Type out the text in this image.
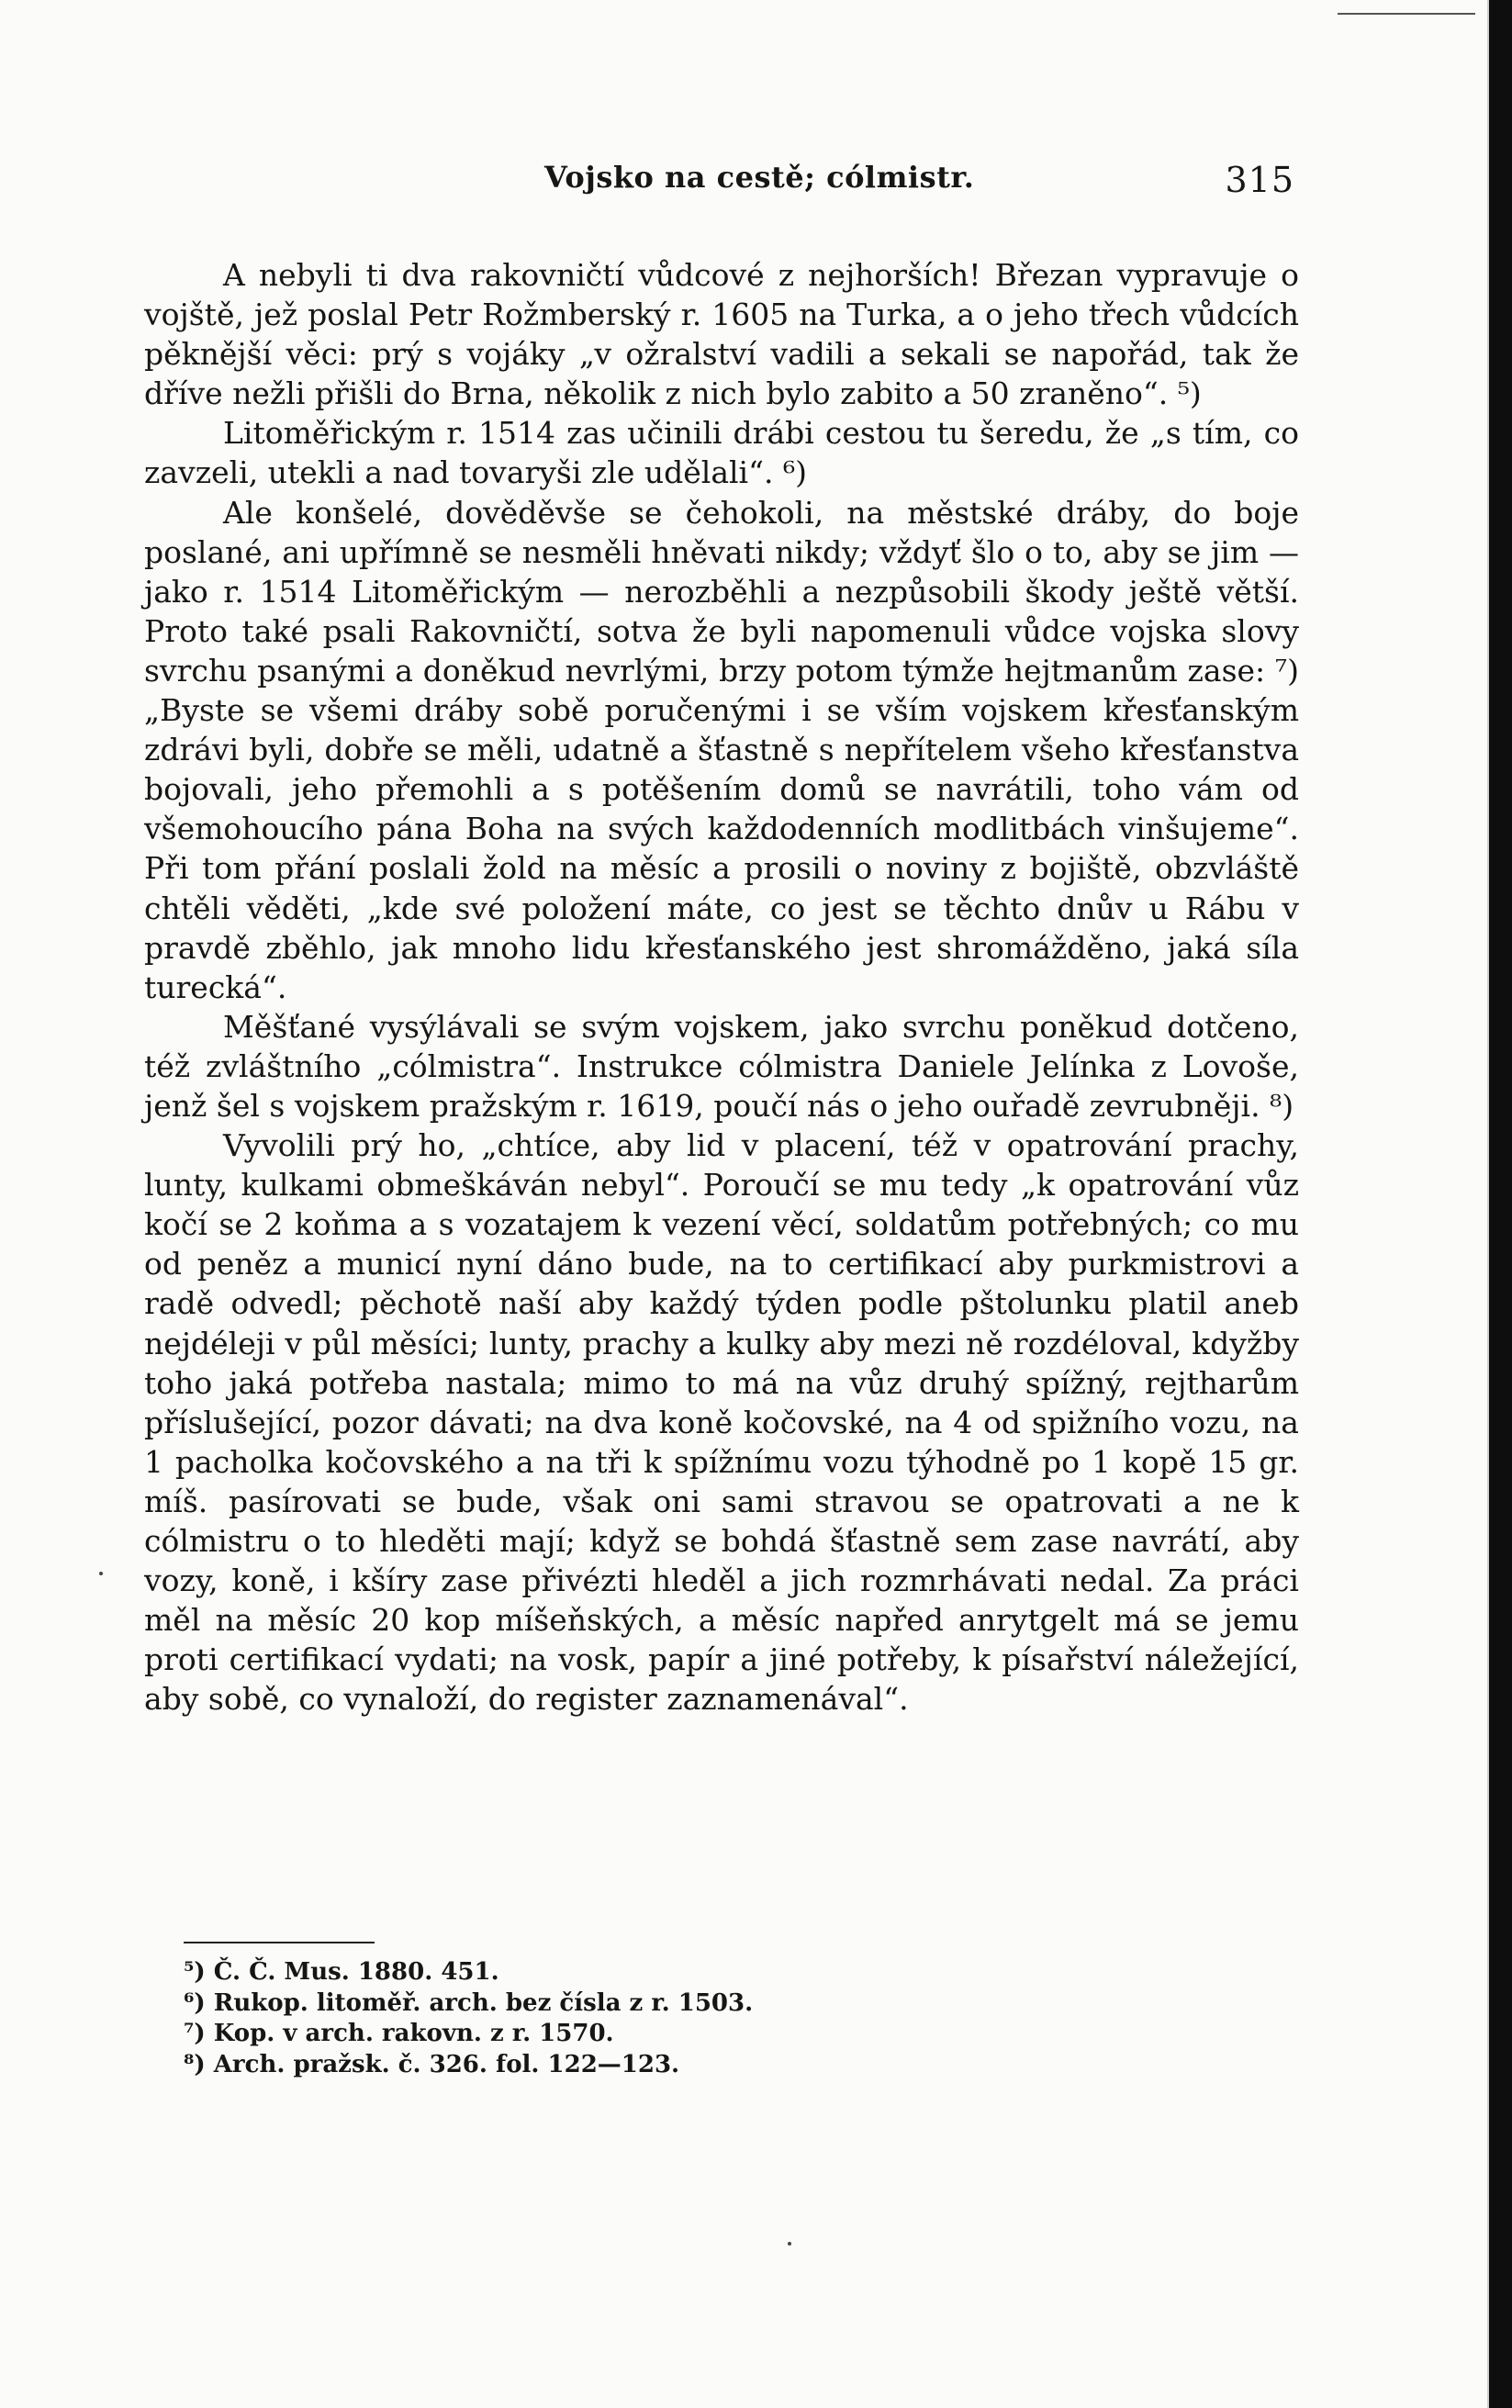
Vojsko na cestě; cólmistr.	315

A nebyli ti dva rakovničtí vůdcové z nejhorších! Březan vypravuje o vojště, jež poslal Petr Rožmberský r. 1605 na Turka, a o jeho třech vůdcích pěknější věci: prý s vojáky „v ožralství vadili a sekali se napořád, tak že dříve nežli přišli do Brna, několik z nich bylo zabito a 50 zraněno“. ⁵)

Litoměřickým r. 1514 zas učinili drábi cestou tu šeredu, že „s tím, co zavzeli, utekli a nad tovaryši zle udělali“. ⁶)

Ale konšelé, dověděvše se čehokoli, na městské dráby, do boje poslané, ani upřímně se nesměli hněvati nikdy; vždyť šlo o to, aby se jim — jako r. 1514 Litoměřickým — nerozběhli a nezpůsobili škody ještě větší. Proto také psali Rakovničtí, sotva že byli napomenuli vůdce vojska slovy svrchu psanými a doněkud nevrlými, brzy potom týmže hejtmanům zase: ⁷) „Byste se všemi dráby sobě poručenými i se vším vojskem křesťanským zdrávi byli, dobře se měli, udatně a šťastně s nepřítelem všeho křesťanstva bojovali, jeho přemohli a s potěšením domů se navrátili, toho vám od všemohoucího pána Boha na svých každodenních modlitbách vinšujeme“. Při tom přání poslali žold na měsíc a prosili o noviny z bojiště, obzvláště chtěli věděti, „kde své položení máte, co jest se těchto dnův u Rábu v pravdě zběhlo, jak mnoho lidu křesťanského jest shromážděno, jaká síla turecká“.

Měšťané vysýlávali se svým vojskem, jako svrchu poněkud dotčeno, též zvláštního „cólmistra“. Instrukce cólmistra Daniele Jelínka z Lovoše, jenž šel s vojskem pražským r. 1619, poučí nás o jeho ouřadě zevrubněji. ⁸)

Vyvolili prý ho, „chtíce, aby lid v placení, též v opatrování prachy, lunty, kulkami obmeškáván nebyl“. Poroučí se mu tedy „k opatrování vůz kočí se 2 koňma a s vozatajem k vezení věcí, soldatům potřebných; co mu od peněz a municí nyní dáno bude, na to certifikací aby purkmistrovi a radě odvedl; pěchotě naší aby každý týden podle pštolunku platil aneb nejdéleji v půl měsíci; lunty, prachy a kulky aby mezi ně rozdéloval, kdyžby toho jaká potřeba nastala; mimo to má na vůz druhý spížný, rejtharům příslušející, pozor dávati; na dva koně kočovské, na 4 od spižního vozu, na 1 pacholka kočovského a na tři k spížnímu vozu týhodně po 1 kopě 15 gr. míš. pasírovati se bude, však oni sami stravou se opatrovati a ne k cólmistru o to hleděti mají; když se bohdá šťastně sem zase navrátí, aby vozy, koně, i kšíry zase přivézti hleděl a jich rozmrhávati nedal. Za práci měl na měsíc 20 kop míšeňských, a měsíc napřed anrytgelt má se jemu proti certifikací vydati; na vosk, papír a jiné potřeby, k písařství náležející, aby sobě, co vynaloží, do register zaznamenával“.

⁵) Č. Č. Mus. 1880. 451.
⁶) Rukop. litoměř. arch. bez čísla z r. 1503.
⁷) Kop. v arch. rakovn. z r. 1570.
⁸) Arch. pražsk. č. 326. fol. 122—123.
